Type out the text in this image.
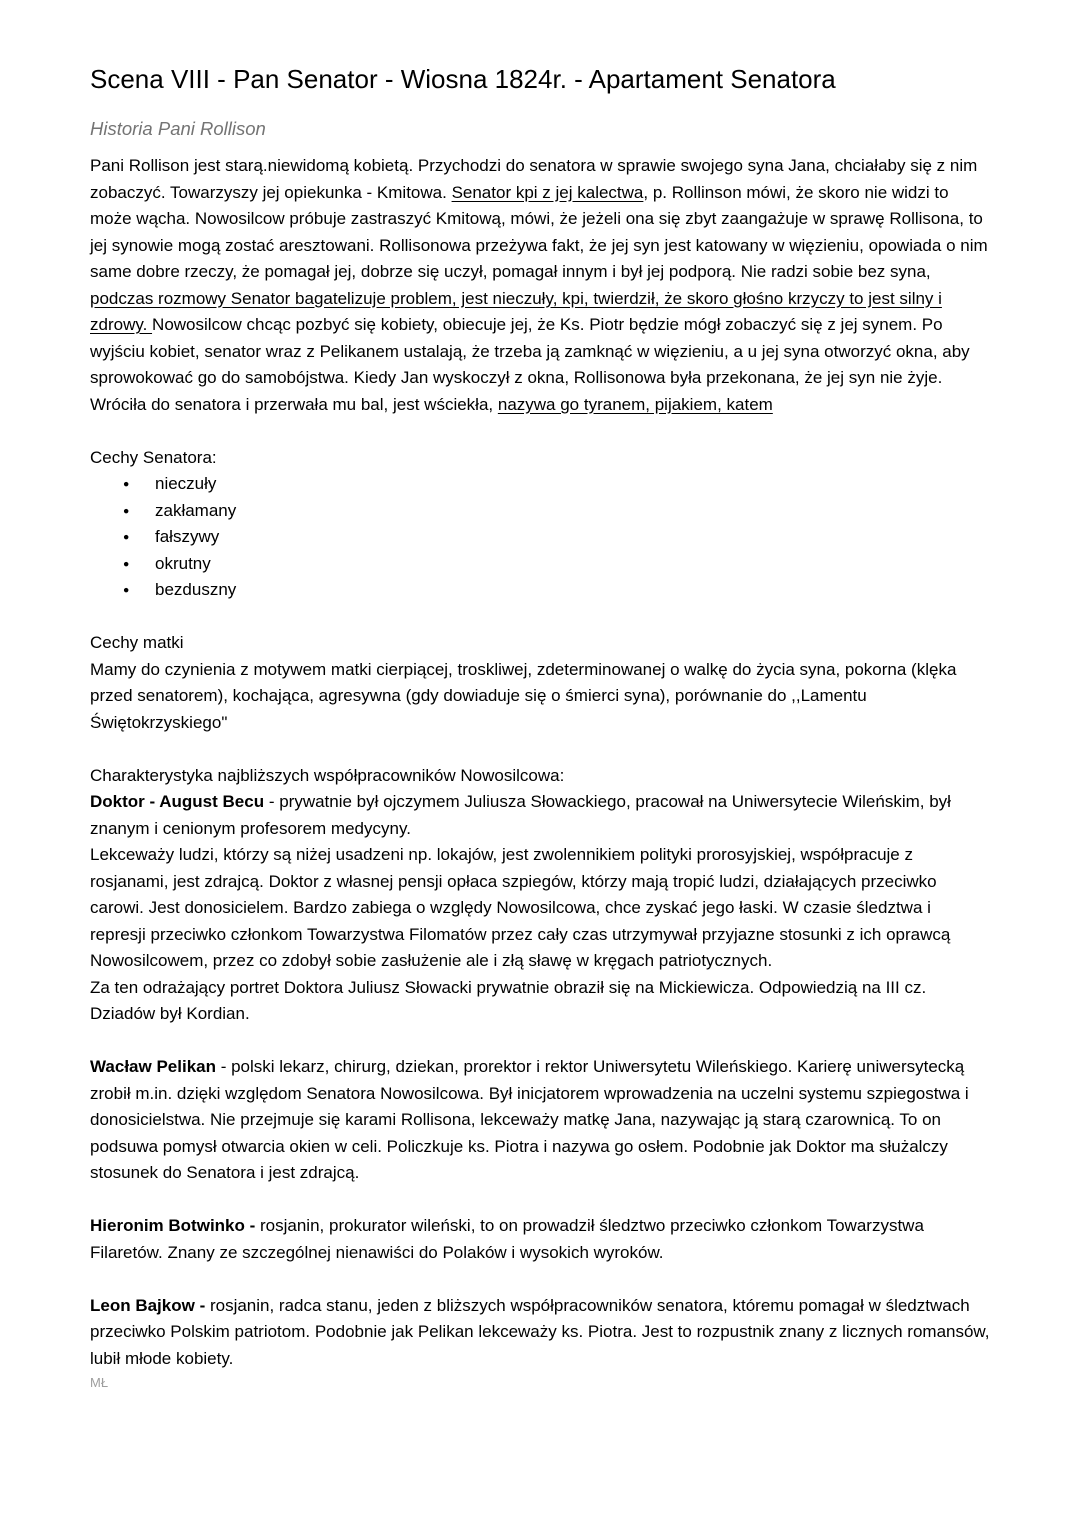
Scena VIII - Pan Senator - Wiosna 1824r. - Apartament Senatora
Historia Pani Rollison

Pani Rollison jest starą.niewidomą kobietą. Przychodzi do senatora w sprawie swojego syna Jana, chciałaby się z nim zobaczyć. Towarzyszy jej opiekunka - Kmitowa. Senator kpi z jej kalectwa, p. Rollinson mówi, że skoro nie widzi to może wącha. Nowosilcow próbuje zastraszyć Kmitową, mówi, że jeżeli ona się zbyt zaangażuje w sprawę Rollisona, to jej synowie mogą zostać aresztowani. Rollisonowa przeżywa fakt, że jej syn jest katowany w więzieniu, opowiada o nim same dobre rzeczy, że pomagał jej, dobrze się uczył, pomagał innym i był jej podporą. Nie radzi sobie bez syna, podczas rozmowy Senator bagatelizuje problem, jest nieczuły, kpi, twierdził, że skoro głośno krzyczy to jest silny i zdrowy. Nowosilcow chcąc pozbyć się kobiety, obiecuje jej, że Ks. Piotr będzie mógł zobaczyć się z jej synem. Po wyjściu kobiet, senator wraz z Pelikanem ustalają, że trzeba ją zamknąć w więzieniu, a u jej syna otworzyć okna, aby sprowokować go do samobójstwa. Kiedy Jan wyskoczył z okna, Rollisonowa była przekonana, że jej syn nie żyje. Wróciła do senatora i przerwała mu bal, jest wściekła, nazywa go tyranem, pijakiem, katem

Cechy Senatora:

● nieczuły
● zakłamany
● fałszywy
● okrutny
● bezduszny

Cechy matki

Mamy do czynienia z motywem matki cierpiącej, troskliwej, zdeterminowanej o walkę do życia syna, pokorna (klęka przed senatorem), kochająca, agresywna (gdy dowiaduje się o śmierci syna), porównanie do ,,Lamentu Świętokrzyskiego"

Charakterystyka najbliższych współpracowników Nowosilcowa:

Doktor - August Becu - prywatnie był ojczymem Juliusza Słowackiego, pracował na Uniwersytecie Wileńskim, był znanym i cenionym profesorem medycyny.

Lekceważy ludzi, którzy są niżej usadzeni np. lokajów, jest zwolennikiem polityki prorosyjskiej, współpracuje z rosjanami, jest zdrajcą. Doktor z własnej pensji opłaca szpiegów, którzy mają tropić ludzi, działających przeciwko carowi. Jest donosicielem. Bardzo zabiega o względy Nowosilcowa, chce zyskać jego łaski. W czasie śledztwa i represji przeciwko członkom Towarzystwa Filomatów przez cały czas utrzymywał przyjazne stosunki z ich oprawcą Nowosilcowem, przez co zdobył sobie zasłużenie ale i złą sławę w kręgach patriotycznych.

Za ten odrażający portret Doktora Juliusz Słowacki prywatnie obraził się na Mickiewicza. Odpowiedzią na III cz. Dziadów był Kordian.

Wacław Pelikan - polski lekarz, chirurg, dziekan, prorektor i rektor Uniwersytetu Wileńskiego. Karierę uniwersytecką zrobił m.in. dzięki względom Senatora Nowosilcowa. Był inicjatorem wprowadzenia na uczelni systemu szpiegostwa i donosicielstwa. Nie przejmuje się karami Rollisona, lekceważy matkę Jana, nazywając ją starą czarownicą. To on podsuwa pomysł otwarcia okien w celi. Policzkuje ks. Piotra i nazywa go osłem. Podobnie jak Doktor ma służalczy stosunek do Senatora i jest zdrajcą.

Hieronim Botwinko - rosjanin, prokurator wileński, to on prowadził śledztwo przeciwko członkom Towarzystwa Filaretów. Znany ze szczególnej nienawiści do Polaków i wysokich wyroków.

Leon Bajkow - rosjanin, radca stanu, jeden z bliższych współpracowników senatora, któremu pomagał w śledztwach przeciwko Polskim patriotom. Podobnie jak Pelikan lekceważy ks. Piotra. Jest to rozpustnik znany z licznych romansów, lubił młode kobiety.

MŁ
